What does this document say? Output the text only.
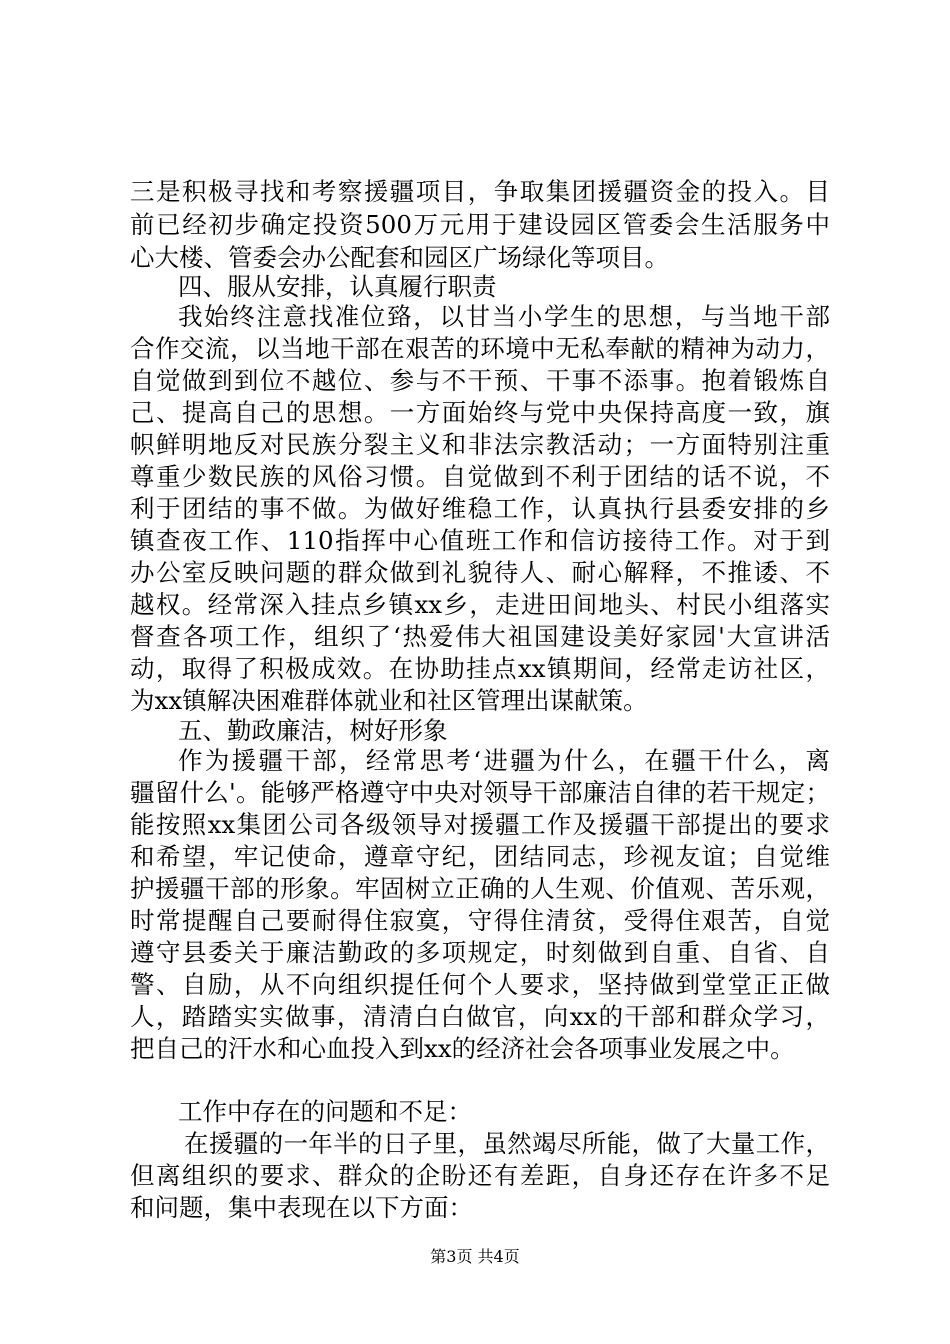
三是积极寻找和考察援疆项目，争取集团援疆资金的投入。目
前已经初步确定投资500万元用于建设园区管委会生活服务中
心大楼、管委会办公配套和园区广场绿化等项目。
四、服从安排，认真履行职责
我始终注意找准位臵，以甘当小学生的思想，与当地干部
合作交流，以当地干部在艰苦的环境中无私奉献的精神为动力，
自觉做到到位不越位、参与不干预、干事不添事。抱着锻炼自
己、提高自己的思想。一方面始终与党中央保持高度一致，旗
帜鲜明地反对民族分裂主义和非法宗教活动；一方面特别注重
尊重少数民族的风俗习惯。自觉做到不利于团结的话不说，不
利于团结的事不做。为做好维稳工作，认真执行县委安排的乡
镇查夜工作、110指挥中心值班工作和信访接待工作。对于到
办公室反映问题的群众做到礼貌待人、耐心解释，不推诿、不
越权。经常深入挂点乡镇xx乡，走进田间地头、村民小组落实
督查各项工作，组织了‘热爱伟大祖国建设美好家园'大宣讲活
动，取得了积极成效。在协助挂点xx镇期间，经常走访社区，
为xx镇解决困难群体就业和社区管理出谋献策。
五、勤政廉洁，树好形象
作为援疆干部，经常思考‘进疆为什么，在疆干什么，离
疆留什么'。能够严格遵守中央对领导干部廉洁自律的若干规定；
能按照xx集团公司各级领导对援疆工作及援疆干部提出的要求
和希望，牢记使命，遵章守纪，团结同志，珍视友谊；自觉维
护援疆干部的形象。牢固树立正确的人生观、价值观、苦乐观，
时常提醒自己要耐得住寂寞，守得住清贫，受得住艰苦，自觉
遵守县委关于廉洁勤政的多项规定，时刻做到自重、自省、自
警、自励，从不向组织提任何个人要求，坚持做到堂堂正正做
人，踏踏实实做事，清清白白做官，向xx的干部和群众学习，
把自己的汗水和心血投入到xx的经济社会各项事业发展之中。
工作中存在的问题和不足：
在援疆的一年半的日子里，虽然竭尽所能，做了大量工作，
但离组织的要求、群众的企盼还有差距，自身还存在许多不足
和问题，集中表现在以下方面：
第3页 共4页
